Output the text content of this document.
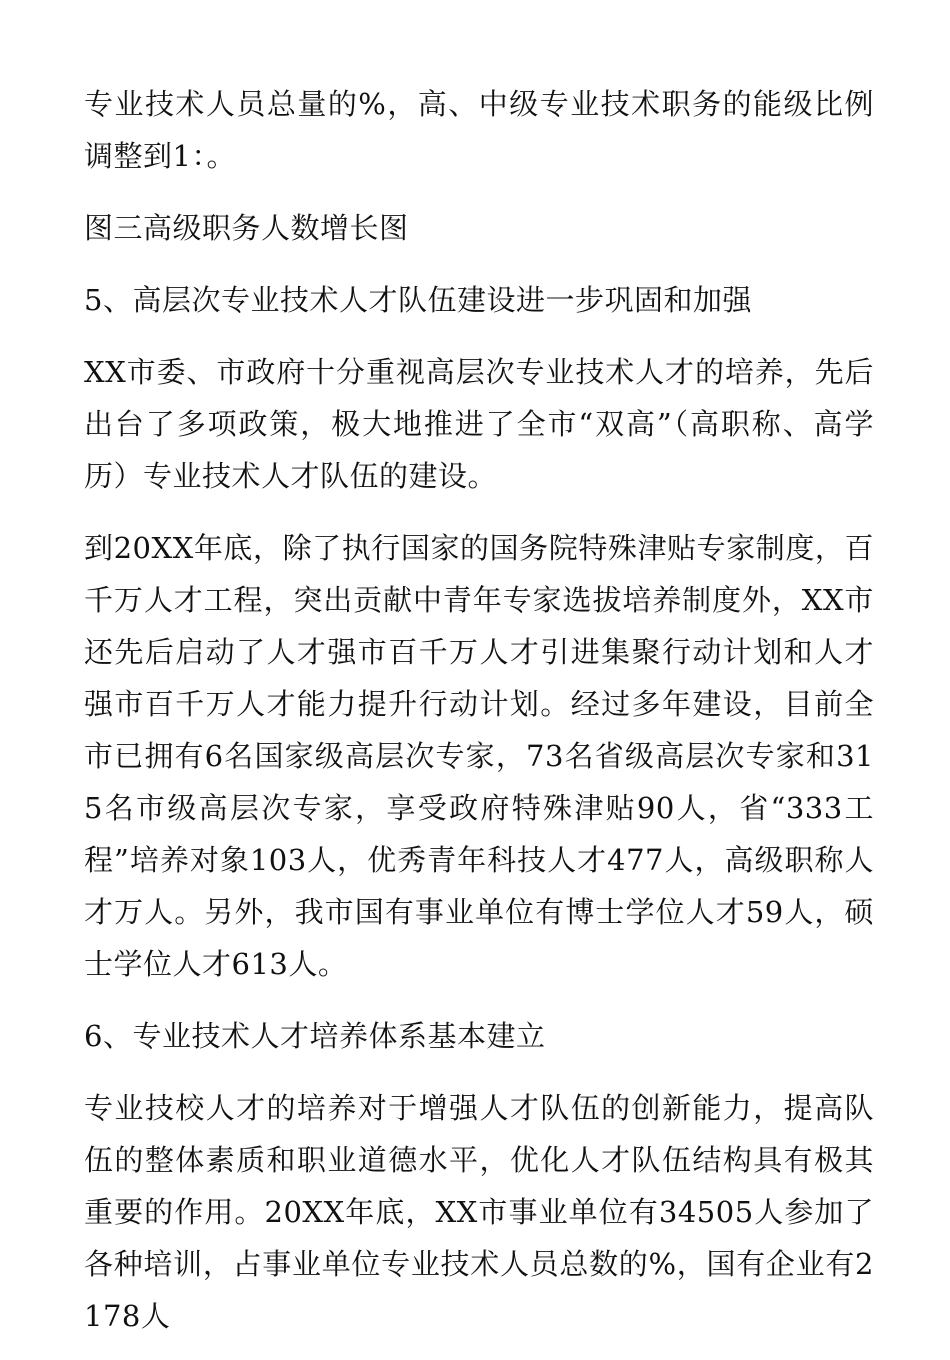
专业技术人员总量的%，高、中级专业技术职务的能级比例调整到1：。

图三高级职务人数增长图

5、高层次专业技术人才队伍建设进一步巩固和加强

XX市委、市政府十分重视高层次专业技术人才的培养，先后出台了多项政策，极大地推进了全市“双高”（高职称、高学历）专业技术人才队伍的建设。

到20XX年底，除了执行国家的国务院特殊津贴专家制度，百千万人才工程，突出贡献中青年专家选拔培养制度外，XX市还先后启动了人才强市百千万人才引进集聚行动计划和人才强市百千万人才能力提升行动计划。经过多年建设，目前全市已拥有6名国家级高层次专家，73名省级高层次专家和315名市级高层次专家，享受政府特殊津贴90人，省“333工程”培养对象103人，优秀青年科技人才477人，高级职称人才万人。另外，我市国有事业单位有博士学位人才59人，硕士学位人才613人。

6、专业技术人才培养体系基本建立

专业技校人才的培养对于增强人才队伍的创新能力，提高队伍的整体素质和职业道德水平，优化人才队伍结构具有极其重要的作用。20XX年底，XX市事业单位有34505人参加了各种培训，占事业单位专业技术人员总数的%，国有企业有2178人
